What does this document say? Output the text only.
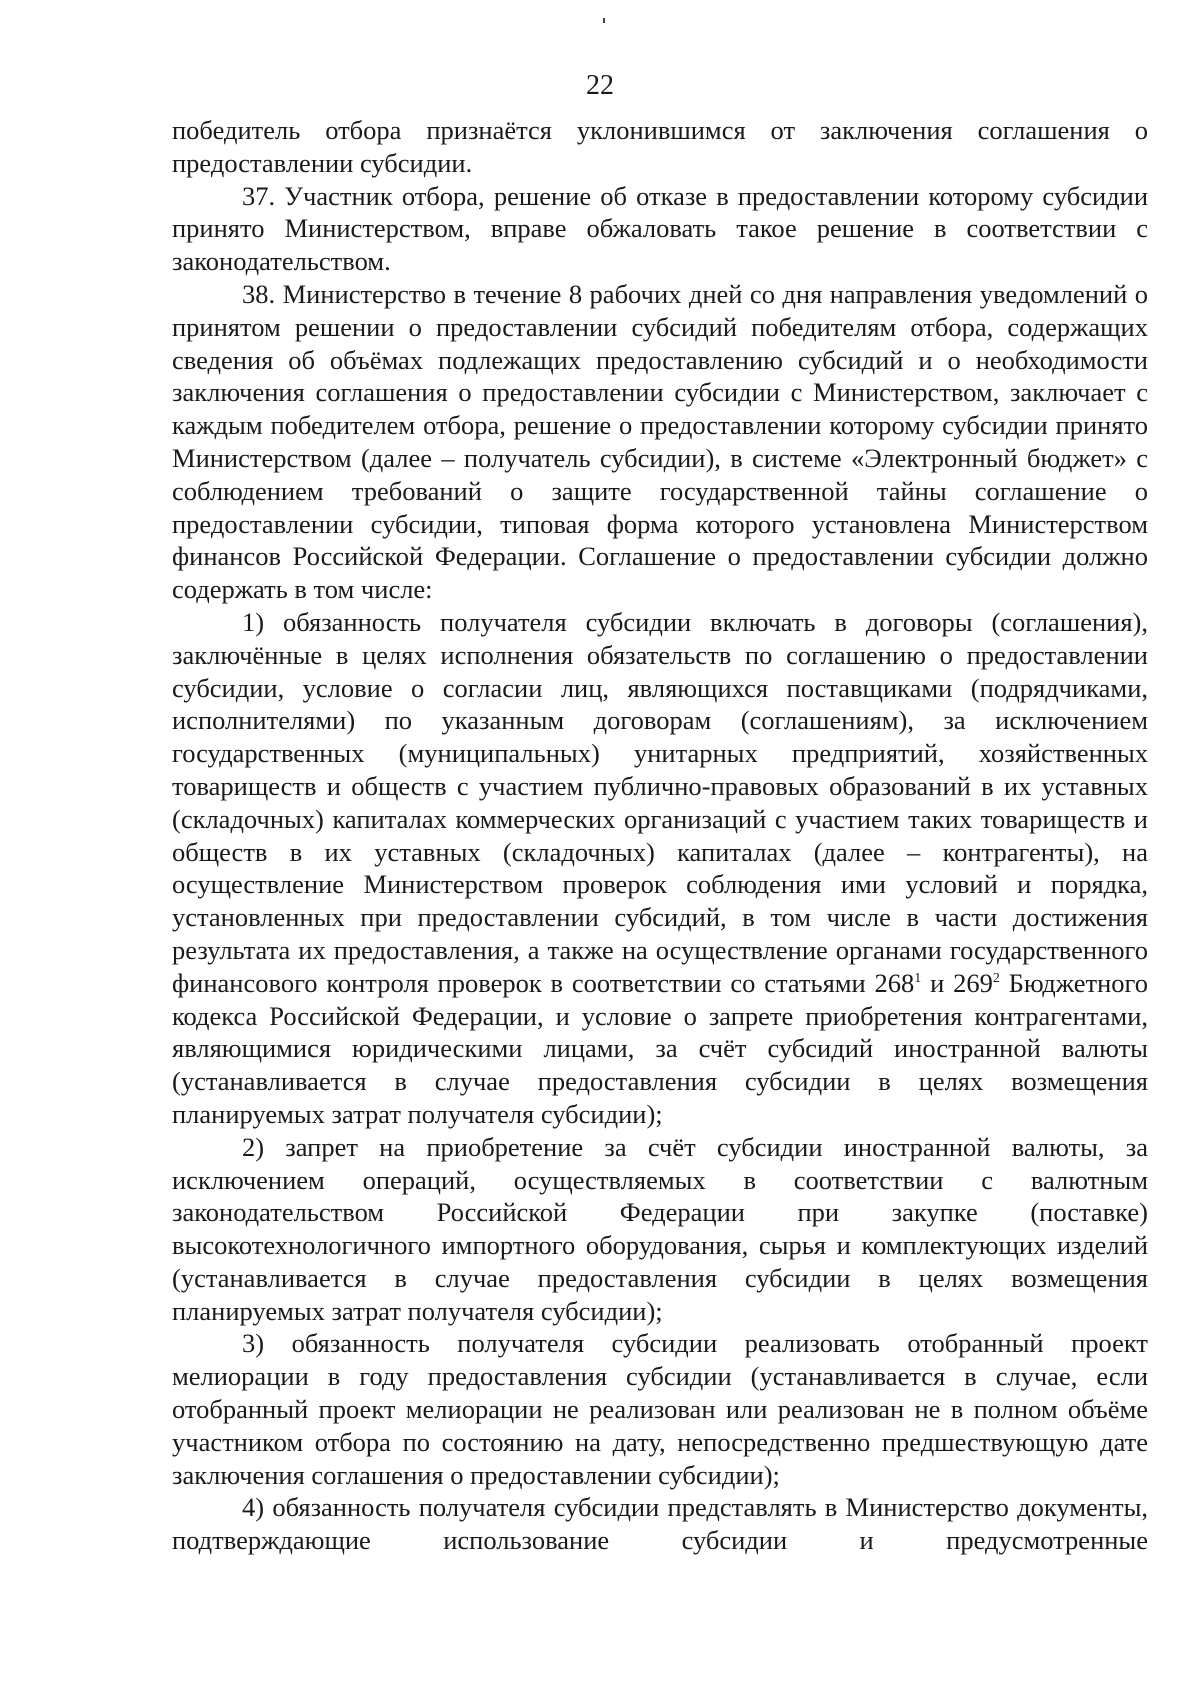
22

победитель отбора признаётся уклонившимся от заключения соглашения о предоставлении субсидии.

37. Участник отбора, решение об отказе в предоставлении которому субсидии принято Министерством, вправе обжаловать такое решение в соответствии с законодательством.

38. Министерство в течение 8 рабочих дней со дня направления уведомлений о принятом решении о предоставлении субсидий победителям отбора, содержащих сведения об объёмах подлежащих предоставлению субсидий и о необходимости заключения соглашения о предоставлении субсидии с Министерством, заключает с каждым победителем отбора, решение о предоставлении которому субсидии принято Министерством (далее – получатель субсидии), в системе «Электронный бюджет» с соблюдением требований о защите государственной тайны соглашение о предоставлении субсидии, типовая форма которого установлена Министерством финансов Российской Федерации. Соглашение о предоставлении субсидии должно содержать в том числе:

1) обязанность получателя субсидии включать в договоры (соглашения), заключённые в целях исполнения обязательств по соглашению о предоставлении субсидии, условие о согласии лиц, являющихся поставщиками (подрядчиками, исполнителями) по указанным договорам (соглашениям), за исключением государственных (муниципальных) унитарных предприятий, хозяйственных товариществ и обществ с участием публично-правовых образований в их уставных (складочных) капиталах коммерческих организаций с участием таких товариществ и обществ в их уставных (складочных) капиталах (далее – контрагенты), на осуществление Министерством проверок соблюдения ими условий и порядка, установленных при предоставлении субсидий, в том числе в части достижения результата их предоставления, а также на осуществление органами государственного финансового контроля проверок в соответствии со статьями 268$^1$ и 269$^2$ Бюджетного кодекса Российской Федерации, и условие о запрете приобретения контрагентами, являющимися юридическими лицами, за счёт субсидий иностранной валюты (устанавливается в случае предоставления субсидии в целях возмещения планируемых затрат получателя субсидии);

2) запрет на приобретение за счёт субсидии иностранной валюты, за исключением операций, осуществляемых в соответствии с валютным законодательством Российской Федерации при закупке (поставке) высокотехнологичного импортного оборудования, сырья и комплектующих изделий (устанавливается в случае предоставления субсидии в целях возмещения планируемых затрат получателя субсидии);

3) обязанность получателя субсидии реализовать отобранный проект мелиорации в году предоставления субсидии (устанавливается в случае, если отобранный проект мелиорации не реализован или реализован не в полном объёме участником отбора по состоянию на дату, непосредственно предшествующую дате заключения соглашения о предоставлении субсидии);

4) обязанность получателя субсидии представлять в Министерство документы, подтверждающие использование субсидии и предусмотренные
